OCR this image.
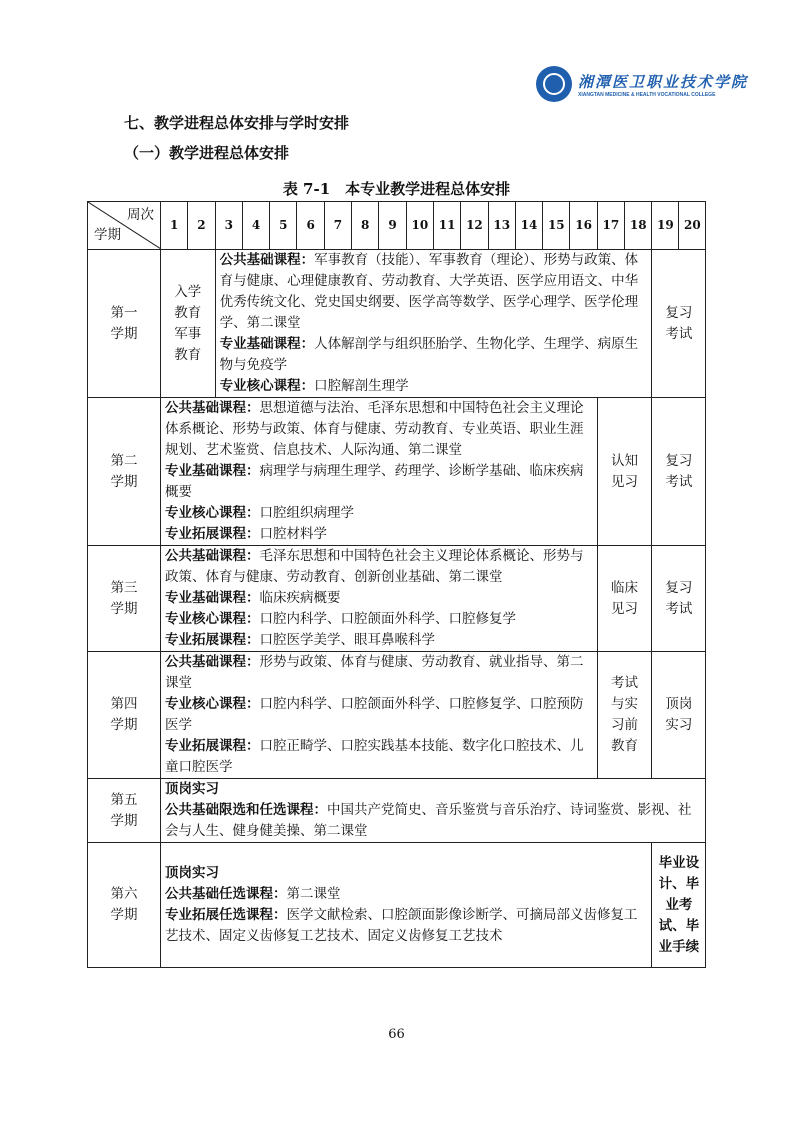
湘潭医卫职业技术学院
XIANGTAN MEDICINE & HEALTH VOCATIONAL COLLEGE
七、教学进程总体安排与学时安排
（一）教学进程总体安排
表 7-1　本专业教学进程总体安排
周次
学期	1	2	3	4	5	6	7	8	9	10	11	12	13	14	15	16	17	18	19	20
第一学期	入学教育军事教育		公共基础课程：军事教育（技能）、军事教育（理论）、形势与政策、体育与健康、心理健康教育、劳动教育、大学英语、医学应用语文、中华优秀传统文化、党史国史纲要、医学高等数学、医学心理学、医学伦理学、第二课堂
专业基础课程：人体解剖学与组织胚胎学、生物化学、生理学、病原生物与免疫学
专业核心课程：口腔解剖生理学																复习考试	
第二学期	公共基础课程：思想道德与法治、毛泽东思想和中国特色社会主义理论体系概论、形势与政策、体育与健康、劳动教育、专业英语、职业生涯规划、艺术鉴赏、信息技术、人际沟通、第二课堂
专业基础课程：病理学与病理生理学、药理学、诊断学基础、临床疾病概要
专业核心课程：口腔组织病理学
专业拓展课程：口腔材料学																认知见习		复习考试	
第三学期	公共基础课程：毛泽东思想和中国特色社会主义理论体系概论、形势与政策、体育与健康、劳动教育、创新创业基础、第二课堂
专业基础课程：临床疾病概要
专业核心课程：口腔内科学、口腔颌面外科学、口腔修复学
专业拓展课程：口腔医学美学、眼耳鼻喉科学																临床见习		复习考试	
第四学期	公共基础课程：形势与政策、体育与健康、劳动教育、就业指导、第二课堂
专业核心课程：口腔内科学、口腔颌面外科学、口腔修复学、口腔预防医学
专业拓展课程：口腔正畸学、口腔实践基本技能、数字化口腔技术、儿童口腔医学																考试与实习前教育		顶岗实习	
第五学期	顶岗实习
公共基础限选和任选课程：中国共产党简史、音乐鉴赏与音乐治疗、诗词鉴赏、影视、社会与人生、健身健美操、第二课堂																			

第六学期	顶岗实习
公共基础任选课程：第二课堂
专业拓展任选课程：医学文献检索、口腔颌面影像诊断学、可摘局部义齿修复工艺技术、固定义齿修复工艺技术、固定义齿修复工艺技术																		毕业设计、毕业考试、毕业手续	
66
